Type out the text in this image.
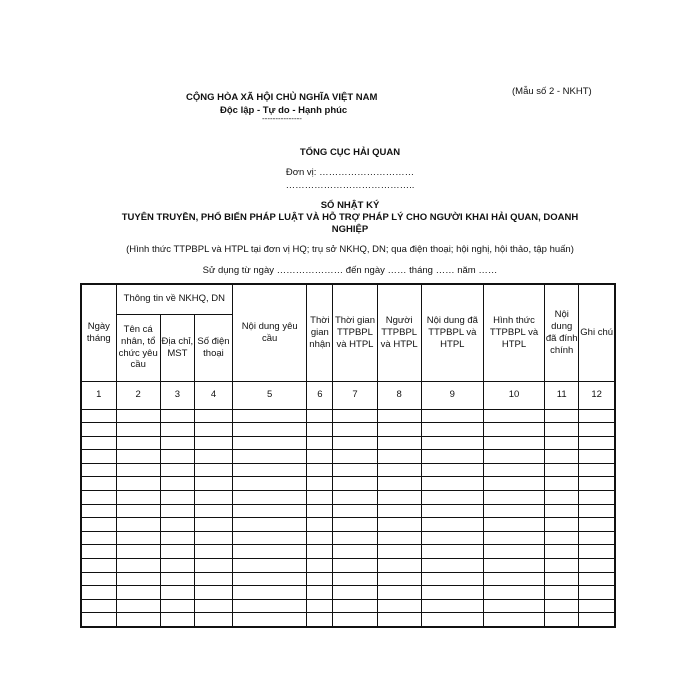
(Mẫu số 2 - NKHT)
CỘNG HÒA XÃ HỘI CHỦ NGHĨA VIỆT NAM
Độc lập - Tự do - Hạnh phúc
---------------
TỔNG CỤC HẢI QUAN
Đơn vị: …………………………
…………………………………..
SỔ NHẬT KÝ
TUYÊN TRUYỀN, PHỔ BIẾN PHÁP LUẬT VÀ HỖ TRỢ PHÁP LÝ CHO NGƯỜI KHAI HẢI QUAN, DOANH
NGHIỆP
(Hình thức TTPBPL và HTPL tại đơn vị HQ; trụ sở NKHQ, DN; qua điện thoại; hội nghị, hội thảo, tập huấn)
Sử dụng từ ngày ………………… đến ngày …… tháng …… năm ……
Ngày tháng	Thông tin về NKHQ, DN			Nội dung yêu cầu	Thời gian nhận	Thời gian TTPBPL và HTPL	Người TTPBPL và HTPL	Nội dung đã TTPBPL và HTPL	Hình thức TTPBPL và HTPL	Nội dung đã đính chính	Ghi chú
	Tên cá nhân, tổ chức yêu cầu	Địa chỉ, MST	Số điện thoại								
1	2	3	4	5	6	7	8	9	10	11	12
